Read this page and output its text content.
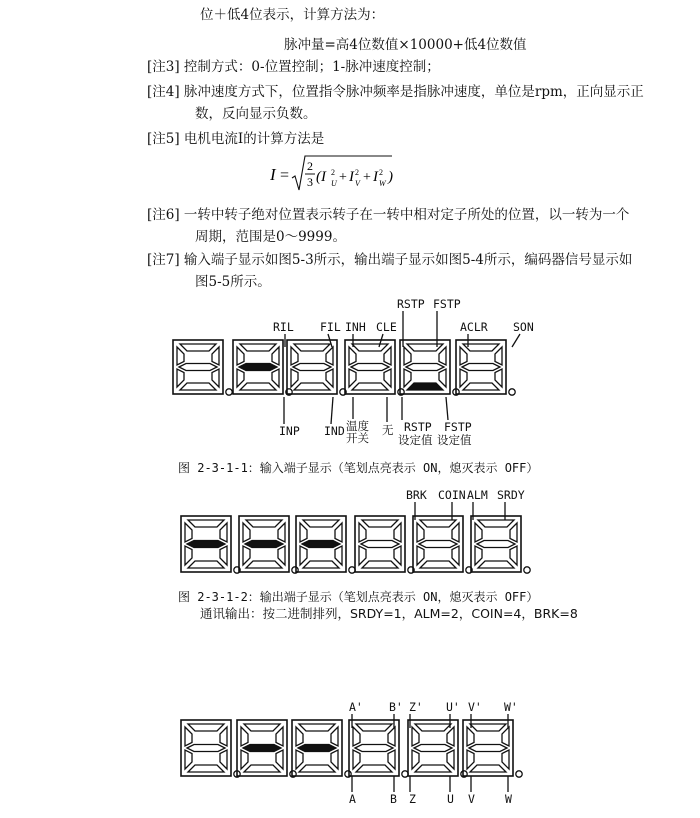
位＋低4位表示，计算方法为：
脉冲量=高4位数值×10000+低4位数值
[注3] 控制方式：0-位置控制；1-脉冲速度控制；
[注4] 脉冲速度方式下，位置指令脉冲频率是指脉冲速度，单位是rpm，正向显示正
数，反向显示负数。
[注5] 电机电流I的计算方法是
I =
2
3 (I 2
U + I 2
V + I 2
W )
[注6] 一转中转子绝对位置表示转子在一转中相对定子所处的位置，以一转为一个
周期，范围是0～9999。
[注7] 输入端子显示如图5-3所示，输出端子显示如图5-4所示，编码器信号显示如
图5-5所示。
RIL FIL INH CLE
RSTP FSTP
ACLR SON
INP IND 温度
开关
无 RSTP
设定值
FSTP
设定值
图 2-3-1-1：输入端子显示（笔划点亮表示 ON，熄灭表示 OFF）
BRK COIN ALM SRDY
图 2-3-1-2：输出端子显示（笔划点亮表示 ON，熄灭表示 OFF）
通讯输出：按二进制排列，SRDY=1，ALM=2，COIN=4，BRK=8
A' B' Z' U' V' W'
A	B Z	U V	W
